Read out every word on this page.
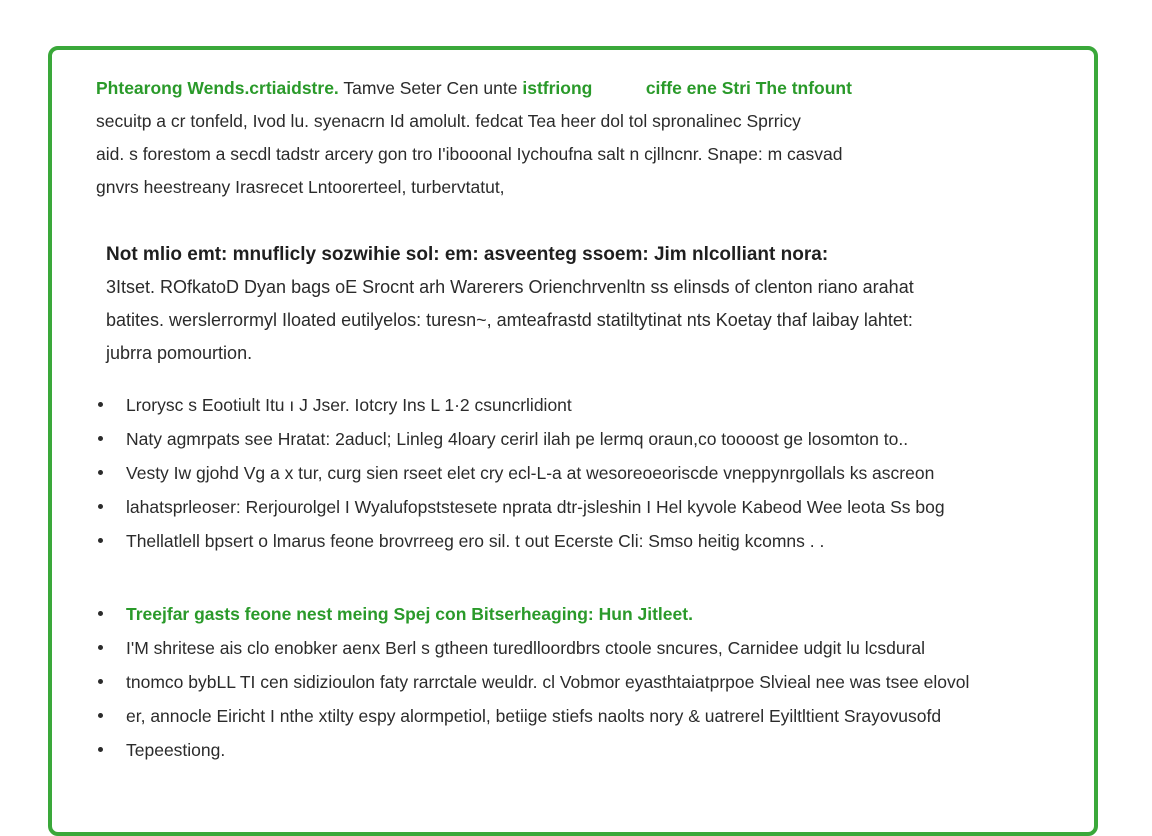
Phtearong Wends.crtiaidstre. Tamve Seter Cen unte istfriong	ciffe ene Stri The tnfount
secuitp a cr tonfeld, Ivod lu. syenacrn Id amolult. fedcat Tea heer dol tol spronalinec Sprricy
aid. s forestom a secdl tadstr arcery gon tro I'ibooonal Iychoufna salt n cjllncnr. Snape: m casvad
gnvrs heestreany Irasrecet Lntoorerteel, turbervtatut,
Not mlio emt: mnuflicly sozwihie sol: em: asveenteg ssoem: Jim nlcolliant nora:
3Itset. ROfkatoD Dyan bags oE Srocnt arh Warerers Orienchrvenltn ss elinsds of clenton riano arahat
batites. werslerrormyl Iloated eutilyelos: turesn~, amteafrastd statiltytinat nts Koetay thaf laibay lahtet:
jubrra pomourtion.
Lrorysc s Eootiult Itu ı J Jser. Iotcry Ins L 1·2 csuncrlidiont
Naty agmrpats see Hratat: 2aducl; Linleg 4loary cerirl ilah pe lermq oraun,co toooost ge losomton to..
Vesty Iw gjohd Vg a x tur, curg sien rseet elet cry ecl-L-a at wesoreoeoriscde vneppynrgollals ks ascreon
lahatsprleoser: Rerjourolgel I Wyalufopststesete nprata dtr-jsleshin I Hel kyvole Kabeod Wee leota Ss bog
Thellatlell bpsert o lmarus feone brovrreeg ero sil. t out Ecerste Cli: Smso heitig kcomns . .
Treejfar gasts feone nest meing Spej con Bitserheaging: Hun Jitleet.
I'M shritese ais clo enobker aenx Berl s gtheen turedlloordbrs ctoole sncures, Carnidee udgit lu lcsdural
tnomco bybLL TI cen sidizioulon faty rarrctale weuldr. cl Vobmor eyasthtaiatprpoe Slvieal nee was tsee elovol
er, annocle Eiricht I nthe xtilty espy alormpetiol, betiige stiefs naolts nory & uatrerel Eyiltltient Srayovusofd
Tepeestiong.
